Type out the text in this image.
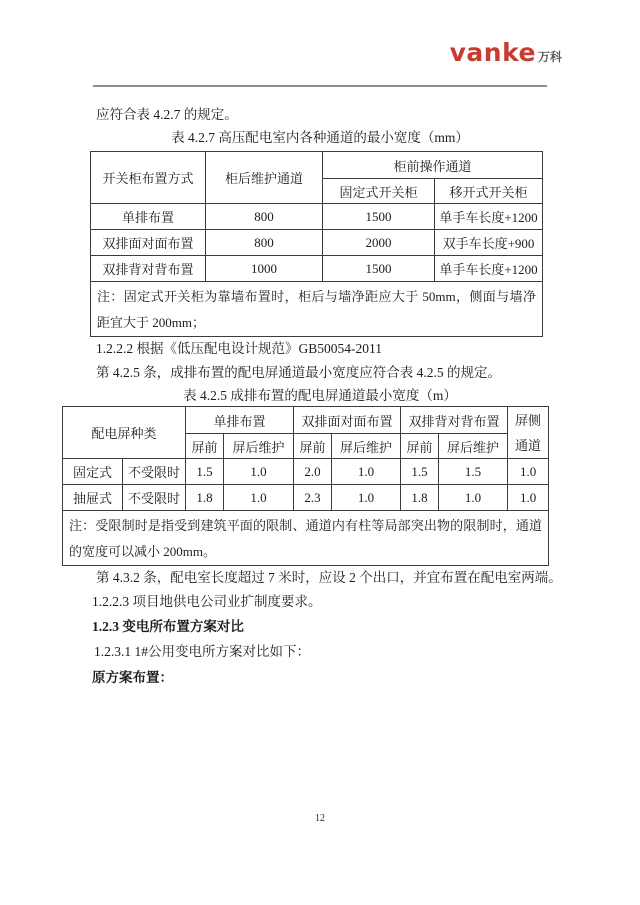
vanke 万科
应符合表 4.2.7 的规定。
表 4.2.7 高压配电室内各种通道的最小宽度（mm）
开关柜布置方式	柜后维护通道	柜前操作通道	
		固定式开关柜	移开式开关柜
单排布置	800	1500	单手车长度+1200
双排面对面布置	800	2000	双手车长度+900
双排背对背布置	1000	1500	单手车长度+1200
注：固定式开关柜为靠墙布置时，柜后与墙净距应大于 50mm，侧面与墙净距宜大于 200mm；			
1.2.2.2 根据《低压配电设计规范》GB50054-2011
第 4.2.5 条，成排布置的配电屏通道最小宽度应符合表 4.2.5 的规定。
表 4.2.5 成排布置的配电屏通道最小宽度（m）
配电屏种类		单排布置		双排面对面布置		双排背对背布置		屏侧
通道

		屏前	屏后维护	屏前	屏后维护	屏前	屏后维护	
固定式	不受限时	1.5	1.0	2.0	1.0	1.5	1.5	1.0
抽屉式	不受限时	1.8	1.0	2.3	1.0	1.8	1.0	1.0
注：受限制时是指受到建筑平面的限制、通道内有柱等局部突出物的限制时，通道的宽度可以减小 200mm。								
第 4.3.2 条，配电室长度超过 7 米时，应设 2 个出口，并宜布置在配电室两端。
1.2.2.3 项目地供电公司业扩制度要求。
1.2.3 变电所布置方案对比
1.2.3.1 1#公用变电所方案对比如下：
原方案布置：
12
